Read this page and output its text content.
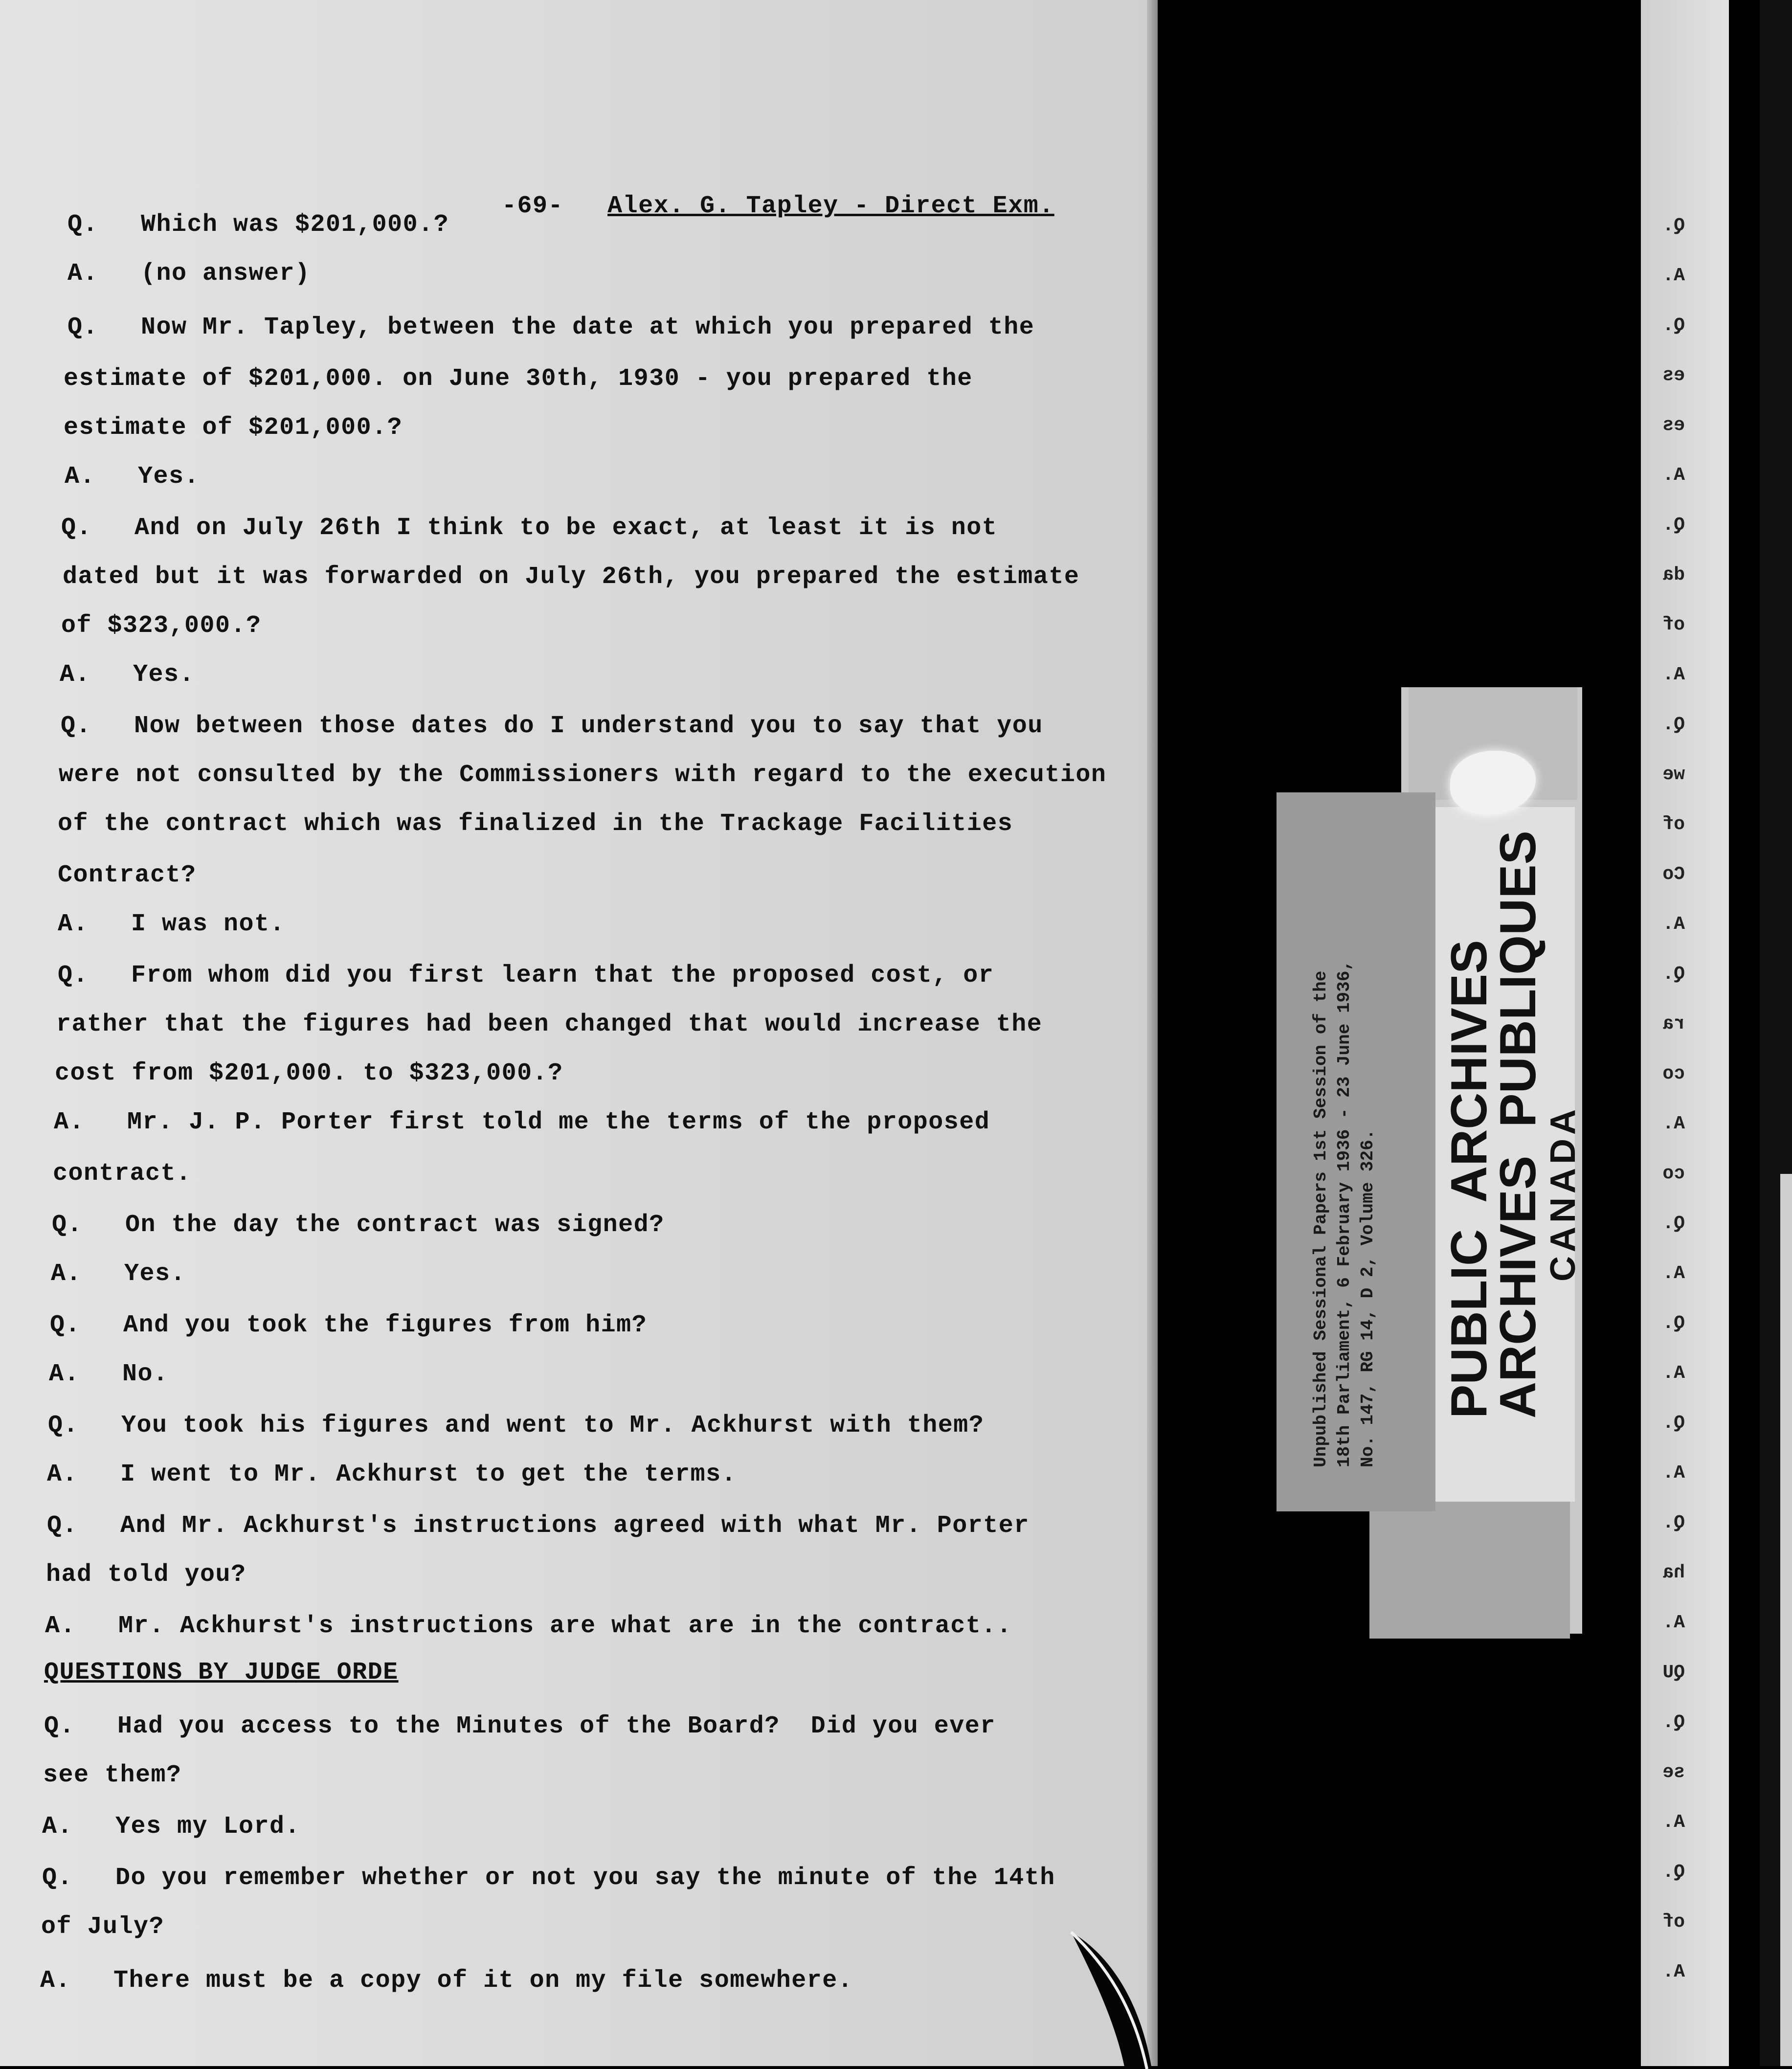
-69- Alex. G. Tapley - Direct Exm.

Q. Which was $201,000.?
A. (no answer)
Q. Now Mr. Tapley, between the date at which you prepared the
estimate of $201,000. on June 30th, 1930 - you prepared the
estimate of $201,000.?
A. Yes.
Q. And on July 26th I think to be exact, at least it is not
dated but it was forwarded on July 26th, you prepared the estimate
of $323,000.?
A. Yes.
Q. Now between those dates do I understand you to say that you
were not consulted by the Commissioners with regard to the execution
of the contract which was finalized in the Trackage Facilities
Contract?
A. I was not.
Q. From whom did you first learn that the proposed cost, or
rather that the figures had been changed that would increase the
cost from $201,000. to $323,000.?
A. Mr. J. P. Porter first told me the terms of the proposed
contract.
Q. On the day the contract was signed?
A. Yes.
Q. And you took the figures from him?
A. No.
Q. You took his figures and went to Mr. Ackhurst with them?
A. I went to Mr. Ackhurst to get the terms.
Q. And Mr. Ackhurst's instructions agreed with what Mr. Porter
had told you?
A. Mr. Ackhurst's instructions are what are in the contract..
QUESTIONS BY JUDGE ORDE
Q. Had you access to the Minutes of the Board?  Did you ever
see them?
A. Yes my Lord.
Q. Do you remember whether or not you say the minute of the 14th
of July?
A. There must be a copy of it on my file somewhere.
Q.
A.
Q.
es
es
A.
Q.
da
of
A.
Q.
we
of
Co
A.
Q.
ra
co
A.
co
Q.
A.
Q.
A.
Q.
A.
Q.
ha
A.
QU
Q.
se
A.
Q.
of
A.
PUBLIC  ARCHIVES
ARCHIVES  PUBLIQUES
CANADA
Unpublished Sessional Papers 1st Session of the 18th Parliament, 6 February 1936 - 23 June 1936, No. 147, RG 14, D 2, Volume 326.
